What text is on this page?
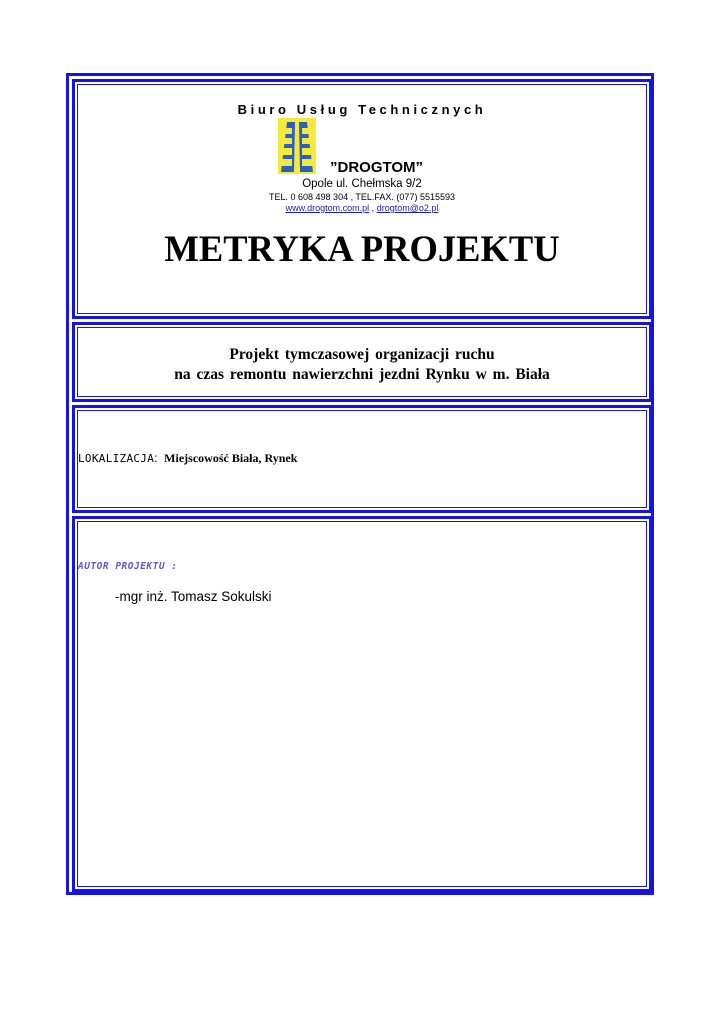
Biuro Usług Technicznych
”DROGTOM”
Opole ul. Chełmska 9/2
TEL. 0 608 498 304 , TEL.FAX. (077) 5515593
www.drogtom.com.pl , drogtom@o2.pl
METRYKA PROJEKTU
Projekt tymczasowej organizacji ruchu
na czas remontu nawierzchni jezdni Rynku w m. Biała
LOKALIZACJA:  Miejscowość Biała, Rynek
AUTOR PROJEKTU :
-mgr inż. Tomasz Sokulski
